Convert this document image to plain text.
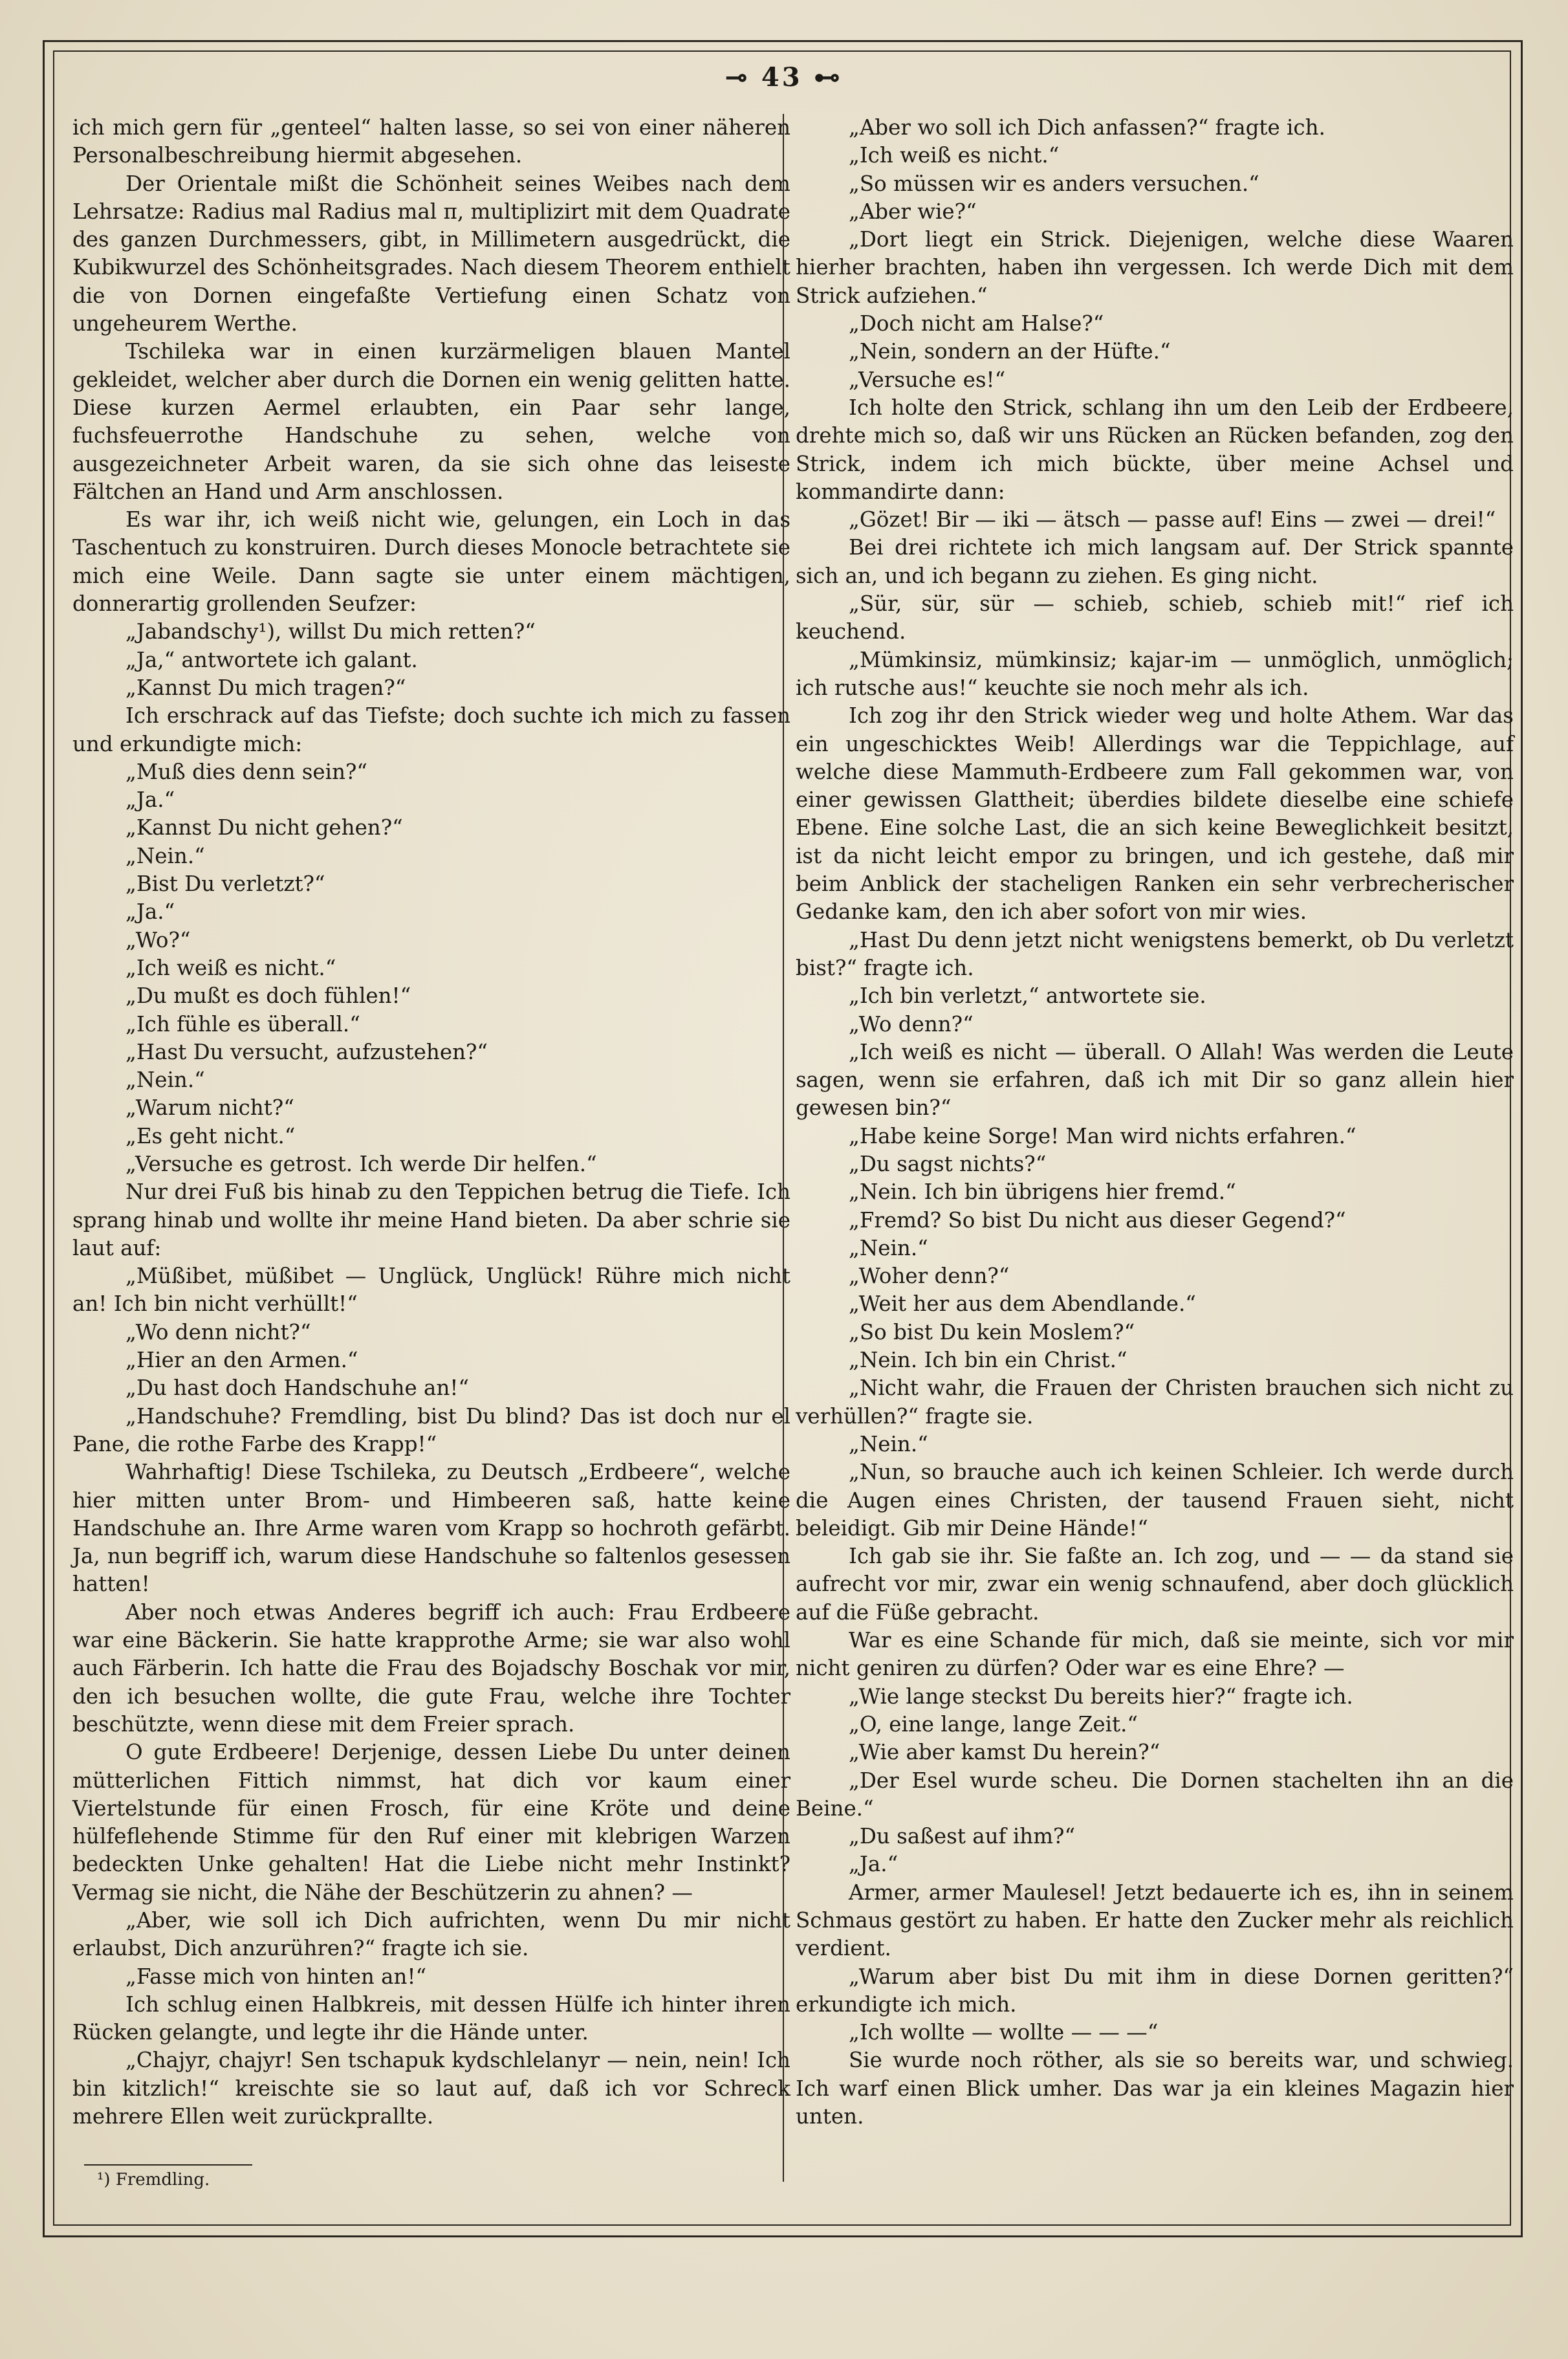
⊸ 43 ⊷

ich mich gern für „genteel“ halten lasse, so sei von einer näheren Personalbeschreibung hiermit abgesehen.

Der Orientale mißt die Schönheit seines Weibes nach dem Lehrsatze: Radius mal Radius mal π, multiplizirt mit dem Quadrate des ganzen Durchmessers, gibt, in Millimetern ausgedrückt, die Kubikwurzel des Schönheitsgrades. Nach diesem Theorem enthielt die von Dornen eingefaßte Vertiefung einen Schatz von ungeheurem Werthe.

Tschileka war in einen kurzärmeligen blauen Mantel gekleidet, welcher aber durch die Dornen ein wenig gelitten hatte. Diese kurzen Aermel erlaubten, ein Paar sehr lange, fuchsfeuerrothe Handschuhe zu sehen, welche von ausgezeichneter Arbeit waren, da sie sich ohne das leiseste Fältchen an Hand und Arm anschlossen.

Es war ihr, ich weiß nicht wie, gelungen, ein Loch in das Taschentuch zu konstruiren. Durch dieses Monocle betrachtete sie mich eine Weile. Dann sagte sie unter einem mächtigen, donnerartig grollenden Seufzer:

„Jabandschy¹), willst Du mich retten?“

„Ja,“ antwortete ich galant.

„Kannst Du mich tragen?“

Ich erschrack auf das Tiefste; doch suchte ich mich zu fassen und erkundigte mich:

„Muß dies denn sein?“

„Ja.“

„Kannst Du nicht gehen?“

„Nein.“

„Bist Du verletzt?“

„Ja.“

„Wo?“

„Ich weiß es nicht.“

„Du mußt es doch fühlen!“

„Ich fühle es überall.“

„Hast Du versucht, aufzustehen?“

„Nein.“

„Warum nicht?“

„Es geht nicht.“

„Versuche es getrost. Ich werde Dir helfen.“

Nur drei Fuß bis hinab zu den Teppichen betrug die Tiefe. Ich sprang hinab und wollte ihr meine Hand bieten. Da aber schrie sie laut auf:

„Müßibet, müßibet — Unglück, Unglück! Rühre mich nicht an! Ich bin nicht verhüllt!“

„Wo denn nicht?“

„Hier an den Armen.“

„Du hast doch Handschuhe an!“

„Handschuhe? Fremdling, bist Du blind? Das ist doch nur el Pane, die rothe Farbe des Krapp!“

Wahrhaftig! Diese Tschileka, zu Deutsch „Erdbeere“, welche hier mitten unter Brom- und Himbeeren saß, hatte keine Handschuhe an. Ihre Arme waren vom Krapp so hochroth gefärbt. Ja, nun begriff ich, warum diese Handschuhe so faltenlos gesessen hatten!

Aber noch etwas Anderes begriff ich auch: Frau Erdbeere war eine Bäckerin. Sie hatte krapprothe Arme; sie war also wohl auch Färberin. Ich hatte die Frau des Bojadschy Boschak vor mir, den ich besuchen wollte, die gute Frau, welche ihre Tochter beschützte, wenn diese mit dem Freier sprach.

O gute Erdbeere! Derjenige, dessen Liebe Du unter deinen mütterlichen Fittich nimmst, hat dich vor kaum einer Viertelstunde für einen Frosch, für eine Kröte und deine hülfeflehende Stimme für den Ruf einer mit klebrigen Warzen bedeckten Unke gehalten! Hat die Liebe nicht mehr Instinkt? Vermag sie nicht, die Nähe der Beschützerin zu ahnen? —

„Aber, wie soll ich Dich aufrichten, wenn Du mir nicht erlaubst, Dich anzurühren?“ fragte ich sie.

„Fasse mich von hinten an!“

Ich schlug einen Halbkreis, mit dessen Hülfe ich hinter ihren Rücken gelangte, und legte ihr die Hände unter.

„Chajyr, chajyr! Sen tschapuk kydschlelanyr — nein, nein! Ich bin kitzlich!“ kreischte sie so laut auf, daß ich vor Schreck mehrere Ellen weit zurückprallte.

„Aber wo soll ich Dich anfassen?“ fragte ich.

„Ich weiß es nicht.“

„So müssen wir es anders versuchen.“

„Aber wie?“

„Dort liegt ein Strick. Diejenigen, welche diese Waaren hierher brachten, haben ihn vergessen. Ich werde Dich mit dem Strick aufziehen.“

„Doch nicht am Halse?“

„Nein, sondern an der Hüfte.“

„Versuche es!“

Ich holte den Strick, schlang ihn um den Leib der Erdbeere, drehte mich so, daß wir uns Rücken an Rücken befanden, zog den Strick, indem ich mich bückte, über meine Achsel und kommandirte dann:

„Gözet! Bir — iki — ätsch — passe auf! Eins — zwei — drei!“

Bei drei richtete ich mich langsam auf. Der Strick spannte sich an, und ich begann zu ziehen. Es ging nicht.

„Sür, sür, sür — schieb, schieb, schieb mit!“ rief ich keuchend.

„Mümkinsiz, mümkinsiz; kajar-im — unmöglich, unmöglich; ich rutsche aus!“ keuchte sie noch mehr als ich.

Ich zog ihr den Strick wieder weg und holte Athem. War das ein ungeschicktes Weib! Allerdings war die Teppichlage, auf welche diese Mammuth-Erdbeere zum Fall gekommen war, von einer gewissen Glattheit; überdies bildete dieselbe eine schiefe Ebene. Eine solche Last, die an sich keine Beweglichkeit besitzt, ist da nicht leicht empor zu bringen, und ich gestehe, daß mir beim Anblick der stacheligen Ranken ein sehr verbrecherischer Gedanke kam, den ich aber sofort von mir wies.

„Hast Du denn jetzt nicht wenigstens bemerkt, ob Du verletzt bist?“ fragte ich.

„Ich bin verletzt,“ antwortete sie.

„Wo denn?“

„Ich weiß es nicht — überall. O Allah! Was werden die Leute sagen, wenn sie erfahren, daß ich mit Dir so ganz allein hier gewesen bin?“

„Habe keine Sorge! Man wird nichts erfahren.“

„Du sagst nichts?“

„Nein. Ich bin übrigens hier fremd.“

„Fremd? So bist Du nicht aus dieser Gegend?“

„Nein.“

„Woher denn?“

„Weit her aus dem Abendlande.“

„So bist Du kein Moslem?“

„Nein. Ich bin ein Christ.“

„Nicht wahr, die Frauen der Christen brauchen sich nicht zu verhüllen?“ fragte sie.

„Nein.“

„Nun, so brauche auch ich keinen Schleier. Ich werde durch die Augen eines Christen, der tausend Frauen sieht, nicht beleidigt. Gib mir Deine Hände!“

Ich gab sie ihr. Sie faßte an. Ich zog, und — — da stand sie aufrecht vor mir, zwar ein wenig schnaufend, aber doch glücklich auf die Füße gebracht.

War es eine Schande für mich, daß sie meinte, sich vor mir nicht geniren zu dürfen? Oder war es eine Ehre? —

„Wie lange steckst Du bereits hier?“ fragte ich.

„O, eine lange, lange Zeit.“

„Wie aber kamst Du herein?“

„Der Esel wurde scheu. Die Dornen stachelten ihn an die Beine.“

„Du saßest auf ihm?“

„Ja.“

Armer, armer Maulesel! Jetzt bedauerte ich es, ihn in seinem Schmaus gestört zu haben. Er hatte den Zucker mehr als reichlich verdient.

„Warum aber bist Du mit ihm in diese Dornen geritten?“ erkundigte ich mich.

„Ich wollte — wollte — — —“

Sie wurde noch röther, als sie so bereits war, und schwieg. Ich warf einen Blick umher. Das war ja ein kleines Magazin hier unten.

¹) Fremdling.
